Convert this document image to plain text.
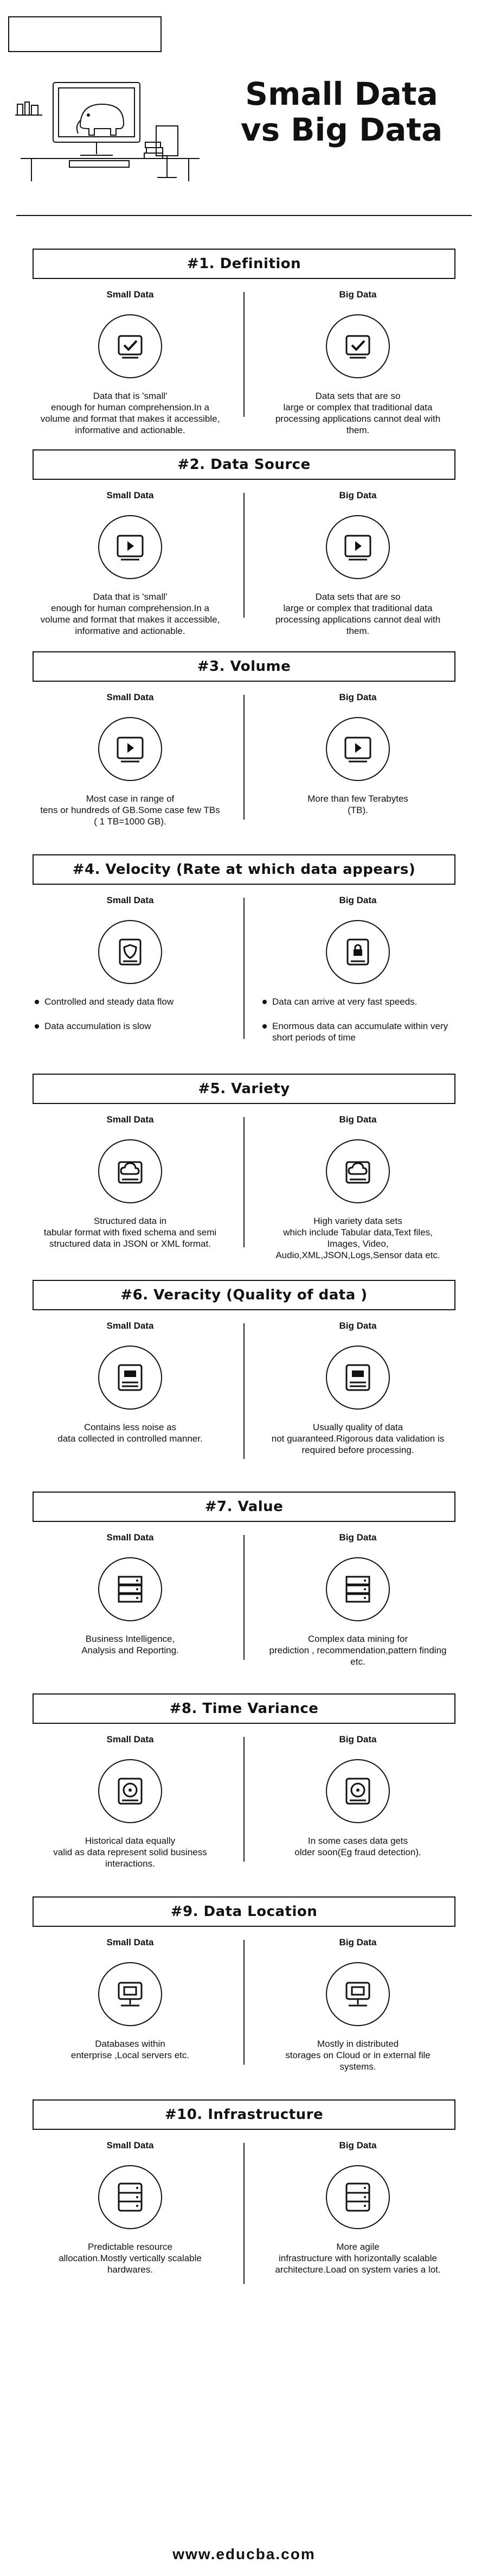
Small Data
vs Big Data
#1. Definition
Small Data
Data that is 'small'
enough for human comprehension.In a volume and format that makes it accessible,
informative and actionable.
Big Data
Data sets that are so
large or complex that traditional data processing applications cannot deal with them.
#2. Data Source
Small Data
Data that is 'small'
enough for human comprehension.In a volume and format that makes it accessible,
informative and actionable.
Big Data
Data sets that are so
large or complex that traditional data processing applications cannot deal with them.
#3. Volume
Small Data
Most case in range of
tens or hundreds of GB.Some case few TBs ( 1 TB=1000 GB).
Big Data
More than few Terabytes
(TB).
#4. Velocity (Rate at which data appears)
Small Data
Controlled and steady data flow
Data accumulation is slow
Big Data
Data can arrive at very fast speeds.
Enormous data can accumulate within very short periods of time
#5. Variety
Small Data
Structured data in
tabular format with fixed schema and semi structured data in JSON or XML format.
Big Data
High variety data sets
which include Tabular data,Text files, Images, Video, Audio,XML,JSON,Logs,Sensor data etc.
#6. Veracity (Quality of data )
Small Data
Contains less noise as
data collected in controlled manner.
Big Data
Usually quality of data
not guaranteed.Rigorous data validation is required before processing.
#7. Value
Small Data
Business Intelligence,
Analysis and Reporting.
Big Data
Complex data mining for
prediction , recommendation,pattern finding etc.
#8. Time Variance
Small Data
Historical data equally
valid as data represent solid business interactions.
Big Data
In some cases data gets
older soon(Eg fraud detection).
#9. Data Location
Small Data
Databases within
enterprise ,Local servers etc.
Big Data
Mostly in distributed
storages on Cloud or in external file systems.
#10. Infrastructure
Small Data
Predictable resource
allocation.Mostly vertically scalable hardwares.
Big Data
More agile
infrastructure with horizontally scalable architecture.Load on system varies a lot.
www.educba.com
